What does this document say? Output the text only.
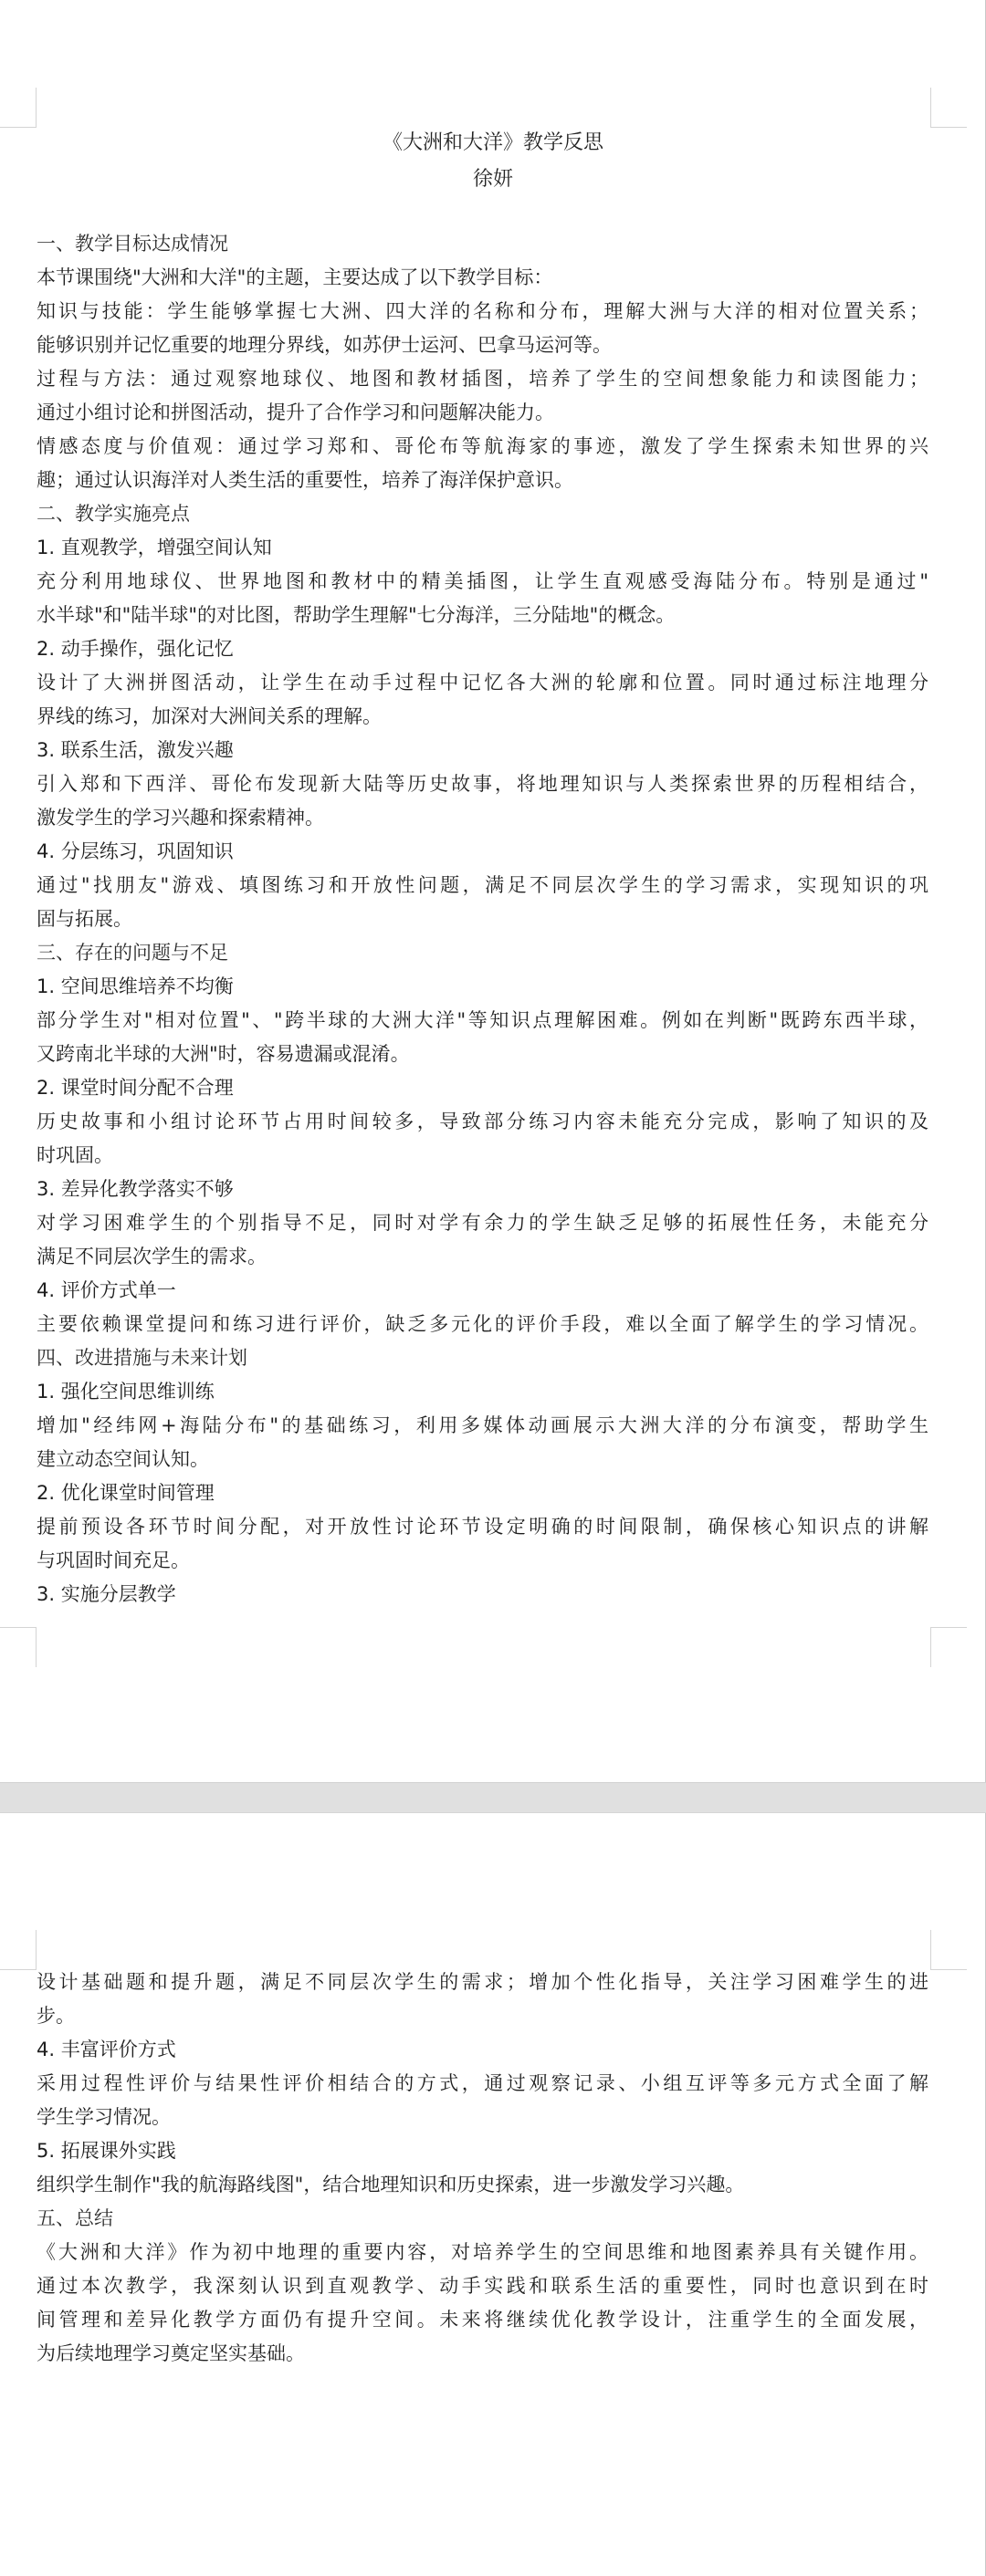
《大洲和大洋》教学反思
徐妍
一、教学目标达成情况
本节课围绕"大洲和大洋"的主题，主要达成了以下教学目标：
知识与技能：学生能够掌握七大洲、四大洋的名称和分布，理解大洲与大洋的相对位置关系；
能够识别并记忆重要的地理分界线，如苏伊士运河、巴拿马运河等。
过程与方法：通过观察地球仪、地图和教材插图，培养了学生的空间想象能力和读图能力；
通过小组讨论和拼图活动，提升了合作学习和问题解决能力。
情感态度与价值观：通过学习郑和、哥伦布等航海家的事迹，激发了学生探索未知世界的兴
趣；通过认识海洋对人类生活的重要性，培养了海洋保护意识。
二、教学实施亮点
1. 直观教学，增强空间认知
充分利用地球仪、世界地图和教材中的精美插图，让学生直观感受海陆分布。特别是通过"
水半球"和"陆半球"的对比图，帮助学生理解"七分海洋，三分陆地"的概念。
2. 动手操作，强化记忆
设计了大洲拼图活动，让学生在动手过程中记忆各大洲的轮廓和位置。同时通过标注地理分
界线的练习，加深对大洲间关系的理解。
3. 联系生活，激发兴趣
引入郑和下西洋、哥伦布发现新大陆等历史故事，将地理知识与人类探索世界的历程相结合，
激发学生的学习兴趣和探索精神。
4. 分层练习，巩固知识
通过"找朋友"游戏、填图练习和开放性问题，满足不同层次学生的学习需求，实现知识的巩
固与拓展。
三、存在的问题与不足
1. 空间思维培养不均衡
部分学生对"相对位置"、"跨半球的大洲大洋"等知识点理解困难。例如在判断"既跨东西半球，
又跨南北半球的大洲"时，容易遗漏或混淆。
2. 课堂时间分配不合理
历史故事和小组讨论环节占用时间较多，导致部分练习内容未能充分完成，影响了知识的及
时巩固。
3. 差异化教学落实不够
对学习困难学生的个别指导不足，同时对学有余力的学生缺乏足够的拓展性任务，未能充分
满足不同层次学生的需求。
4. 评价方式单一
主要依赖课堂提问和练习进行评价，缺乏多元化的评价手段，难以全面了解学生的学习情况。
四、改进措施与未来计划
1. 强化空间思维训练
增加"经纬网+海陆分布"的基础练习，利用多媒体动画展示大洲大洋的分布演变，帮助学生
建立动态空间认知。
2. 优化课堂时间管理
提前预设各环节时间分配，对开放性讨论环节设定明确的时间限制，确保核心知识点的讲解
与巩固时间充足。
3. 实施分层教学
设计基础题和提升题，满足不同层次学生的需求；增加个性化指导，关注学习困难学生的进
步。
4. 丰富评价方式
采用过程性评价与结果性评价相结合的方式，通过观察记录、小组互评等多元方式全面了解
学生学习情况。
5. 拓展课外实践
组织学生制作"我的航海路线图"，结合地理知识和历史探索，进一步激发学习兴趣。
五、总结
《大洲和大洋》作为初中地理的重要内容，对培养学生的空间思维和地图素养具有关键作用。
通过本次教学，我深刻认识到直观教学、动手实践和联系生活的重要性，同时也意识到在时
间管理和差异化教学方面仍有提升空间。未来将继续优化教学设计，注重学生的全面发展，
为后续地理学习奠定坚实基础。
